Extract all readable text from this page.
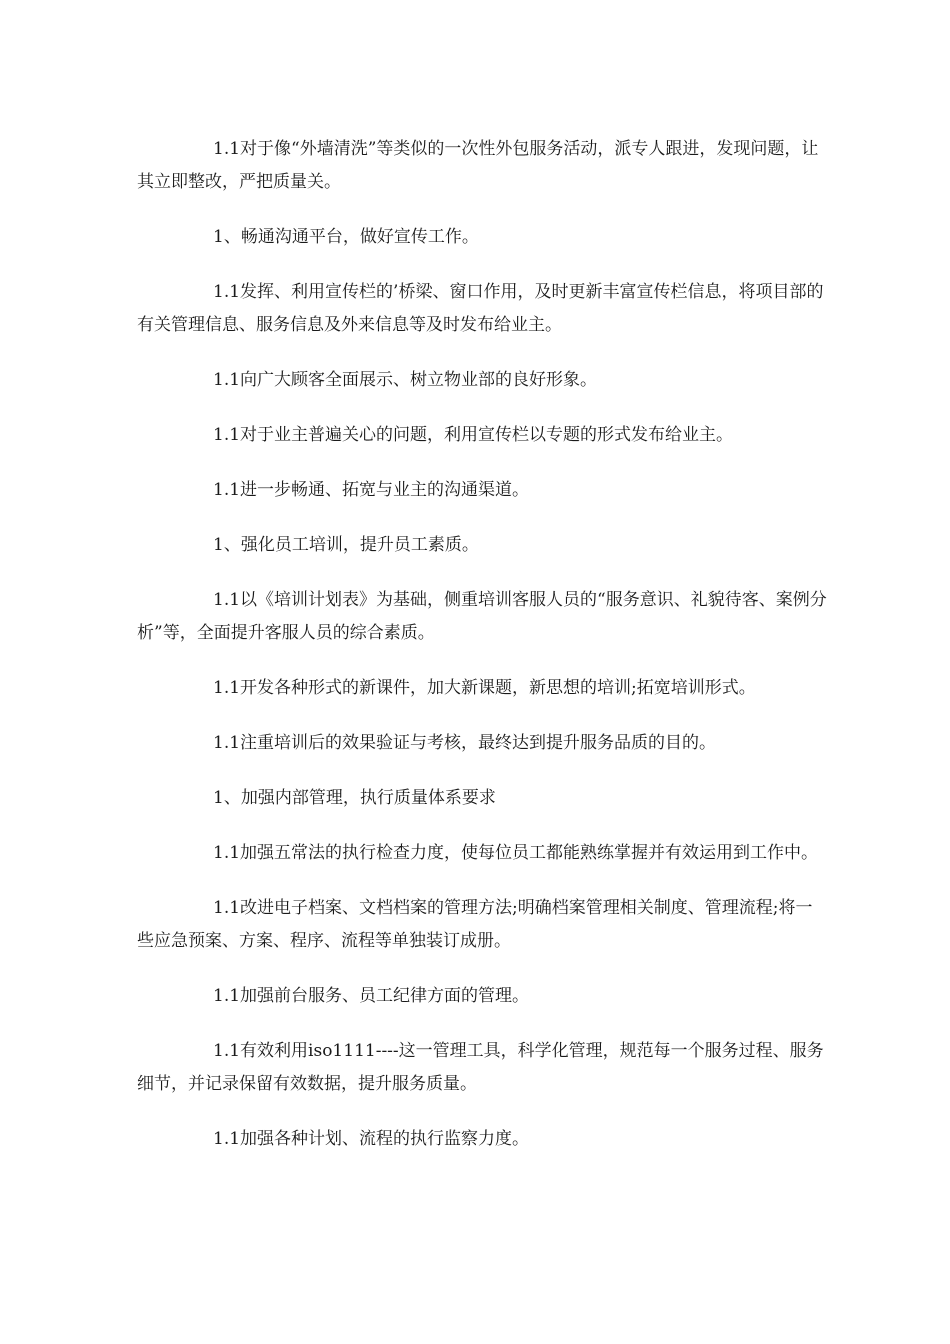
1.1对于像“外墙清洗”等类似的一次性外包服务活动，派专人跟进，发现问题，让其立即整改，严把质量关。

1、畅通沟通平台，做好宣传工作。

1.1发挥、利用宣传栏的’桥梁、窗口作用，及时更新丰富宣传栏信息，将项目部的有关管理信息、服务信息及外来信息等及时发布给业主。

1.1向广大顾客全面展示、树立物业部的良好形象。

1.1对于业主普遍关心的问题，利用宣传栏以专题的形式发布给业主。

1.1进一步畅通、拓宽与业主的沟通渠道。

1、强化员工培训，提升员工素质。

1.1以《培训计划表》为基础，侧重培训客服人员的“服务意识、礼貌待客、案例分析”等，全面提升客服人员的综合素质。

1.1开发各种形式的新课件，加大新课题，新思想的培训;拓宽培训形式。

1.1注重培训后的效果验证与考核，最终达到提升服务品质的目的。

1、加强内部管理，执行质量体系要求

1.1加强五常法的执行检查力度，使每位员工都能熟练掌握并有效运用到工作中。

1.1改进电子档案、文档档案的管理方法;明确档案管理相关制度、管理流程;将一些应急预案、方案、程序、流程等单独装订成册。

1.1加强前台服务、员工纪律方面的管理。

1.1有效利用iso1111----这一管理工具，科学化管理，规范每一个服务过程、服务细节，并记录保留有效数据，提升服务质量。

1.1加强各种计划、流程的执行监察力度。
